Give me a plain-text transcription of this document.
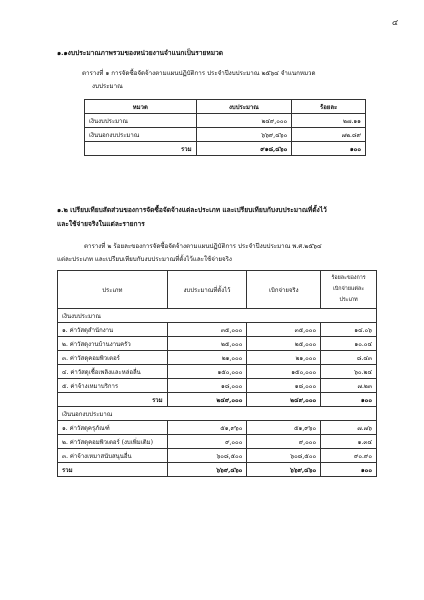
๔
๑.๑งบประมาณภาพรวมของหน่วยงานจำแนกเป็นรายหมวด
ตารางที่ ๑ การจัดซื้อจัดจ้างตามแผนปฏิบัติการ ประจำปีงบประมาณ ๒๕๖๔ จำแนกหมวด
งบประมาณ
หมวด	งบประมาณ	ร้อยละ
เงินงบประมาณ	๒๔๙,๐๐๐	๒๗.๑๑
เงินนอกงบประมาณ	๖๖๙,๔๖๐	๗๒.๘๙
รวม	๙๑๘,๔๖๐	๑๐๐
๑.๒ เปรียบเทียบสัดส่วนของการจัดซื้อจัดจ้างแต่ละประเภท และเปรียบเทียบกับงบประมาณที่ตั้งไว้
และใช้จ่ายจริงในแต่ละรายการ
ตารางที่ ๒ ร้อยละของการจัดซื้อจัดจ้างตามแผนปฏิบัติการ ประจำปีงบประมาณ พ.ศ.๒๕๖๔
แต่ละประเภท และเปรียบเทียบกับงบประมาณที่ตั้งไว้และใช้จ่ายจริง
ประเภท	งบประมาณที่ตั้งไว้	เบิกจ่ายจริง	ร้อยละของการ
เบิกจ่ายแต่ละ
ประเภท

เงินงบประมาณ			
๑. ค่าวัสดุสำนักงาน	๓๕,๐๐๐	๓๕,๐๐๐	๑๔.๐๖
๒. ค่าวัสดุงานบ้านงานครัว	๒๕,๐๐๐	๒๕,๐๐๐	๑๐.๐๔
๓. ค่าวัสดุคอมพิวเตอร์	๒๑,๐๐๐	๒๑,๐๐๐	๘.๔๓
๔. ค่าวัสดุเชื้อเพลิงและหล่อลื่น	๑๕๐,๐๐๐	๑๕๐,๐๐๐	๖๐.๒๔
๕. ค่าจ้างเหมาบริการ	๑๘,๐๐๐	๑๘,๐๐๐	๗.๒๓
รวม	๒๔๙,๐๐๐	๒๔๙,๐๐๐	๑๐๐
เงินนอกงบประมาณ			
๑. ค่าวัสดุครุภัณฑ์	๕๑,๙๖๐	๕๑,๙๖๐	๗.๗๖
๒. ค่าวัสดุคอมพิวเตอร์ (งบเพิ่มเติม)	๙,๐๐๐	๙,๐๐๐	๑.๓๔
๓. ค่าจ้างเหมาสนับสนุนอื่น	๖๐๘,๕๐๐	๖๐๘,๕๐๐	๙๐.๙๐
รวม	๖๖๙,๔๖๐	๖๖๙,๔๖๐	๑๐๐
